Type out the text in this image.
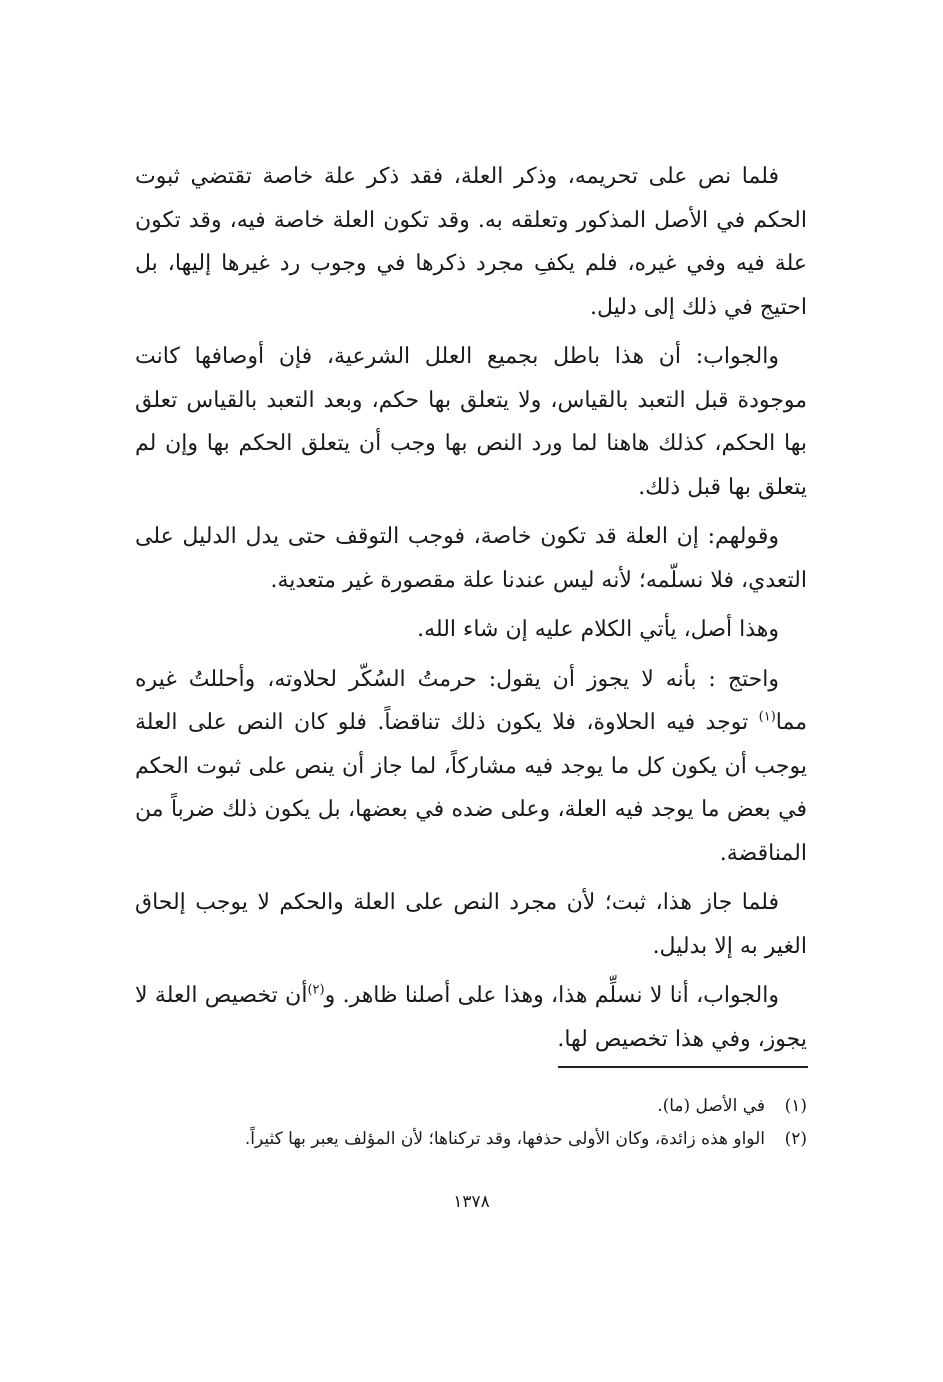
فلما نص على تحريمه، وذكر العلة، فقد ذكر علة خاصة تقتضي ثبوت الحكم في الأصل المذكور وتعلقه به. وقد تكون العلة خاصة فيه، وقد تكون علة فيه وفي غيره، فلم يكفِ مجرد ذكرها في وجوب رد غيرها إليها، بل احتيج في ذلك إلى دليل.

والجواب: أن هذا باطل بجميع العلل الشرعية، فإن أوصافها كانت موجودة قبل التعبد بالقياس، ولا يتعلق بها حكم، وبعد التعبد بالقياس تعلق بها الحكم، كذلك هاهنا لما ورد النص بها وجب أن يتعلق الحكم بها وإن لم يتعلق بها قبل ذلك.

وقولهم: إن العلة قد تكون خاصة، فوجب التوقف حتى يدل الدليل على التعدي، فلا نسلّمه؛ لأنه ليس عندنا علة مقصورة غير متعدية.

وهذا أصل، يأتي الكلام عليه إن شاء الله.

واحتج : بأنه لا يجوز أن يقول: حرمتُ السُكّر لحلاوته، وأحللتُ غيره مما$^{(١)}$ توجد فيه الحلاوة، فلا يكون ذلك تناقضاً. فلو كان النص على العلة يوجب أن يكون كل ما يوجد فيه مشاركاً، لما جاز أن ينص على ثبوت الحكم في بعض ما يوجد فيه العلة، وعلى ضده في بعضها، بل يكون ذلك ضرباً من المناقضة.

فلما جاز هذا، ثبت؛ لأن مجرد النص على العلة والحكم لا يوجب إلحاق الغير به إلا بدليل.

والجواب، أنا لا نسلِّم هذا، وهذا على أصلنا ظاهر. و$^{(٢)}$أن تخصيص العلة لا يجوز، وفي هذا تخصيص لها.

(١)في الأصل (ما).

(٢)الواو هذه زائدة، وكان الأولى حذفها، وقد تركناها؛ لأن المؤلف يعبر بها كثيراً.

١٣٧٨
